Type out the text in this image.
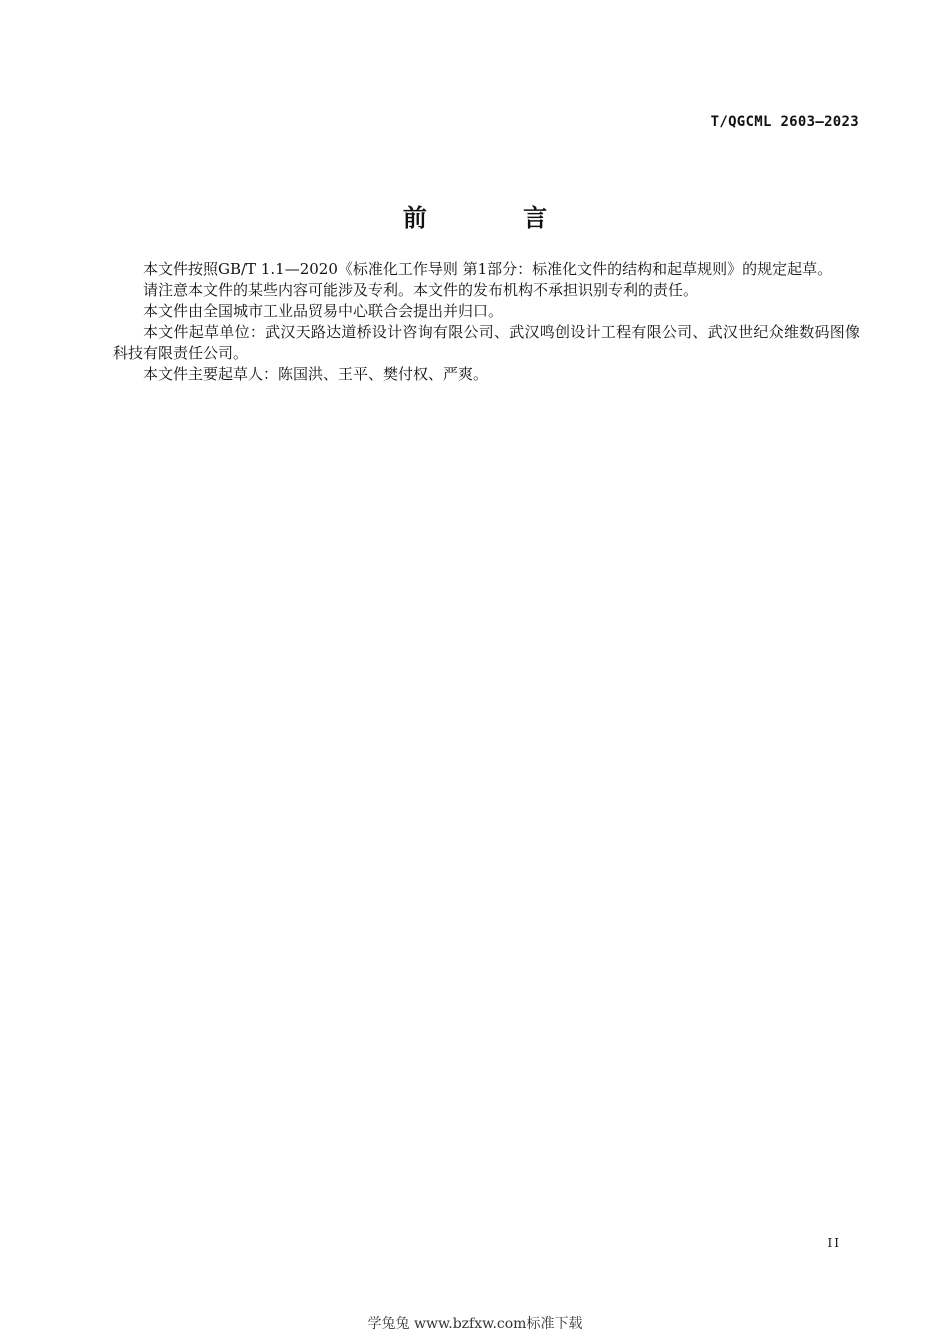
T/QGCML 2603—2023
前 言

本文件按照GB/T 1.1—2020《标准化工作导则 第1部分：标准化文件的结构和起草规则》的规定起草。

请注意本文件的某些内容可能涉及专利。本文件的发布机构不承担识别专利的责任。

本文件由全国城市工业品贸易中心联合会提出并归口。

本文件起草单位：武汉天路达道桥设计咨询有限公司、武汉鸣创设计工程有限公司、武汉世纪众维数码图像科技有限责任公司。

本文件主要起草人：陈国洪、王平、樊付权、严爽。

II
学兔兔 www.bzfxw.com标准下载
